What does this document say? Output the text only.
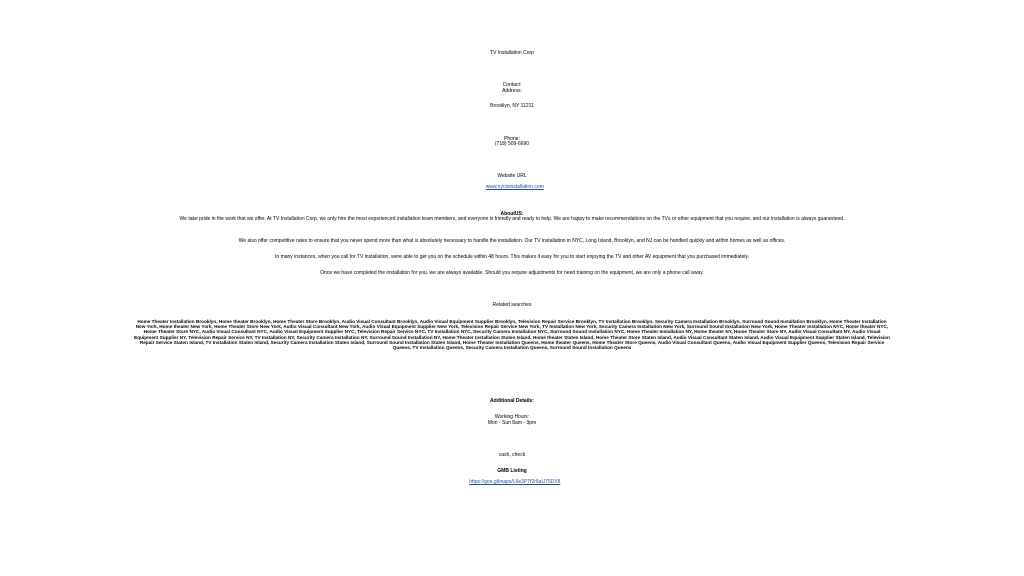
TV Installation Corp
Contact:
Address:
Brooklyn, NY 11211
Phone:
(718) 509-6690
Website URL

www.nyctvinstallation.com

AboutUS:
We take pride in the work that we offer. At TV Installation Corp, we only hire the most experienced installation team members, and everyone is friendly and ready to help. We are happy to make recommendations on the TVs or other equipment that you require, and our installation is always guaranteed.
We also offer competitive rates to ensure that you never spend more than what is absolutely necessary to handle the installation. Our TV installation in NYC, Long Island, Brooklyn, and NJ can be handled quickly and within homes as well as offices.
In many instances, when you call for TV installation, were able to get you on the schedule within 48 hours. This makes it easy for you to start enjoying the TV and other AV equipment that you purchased immediately.
Once we have completed the installation for you, we are always available. Should you require adjustments for need training on the equipment, we are only a phone call away.
Related searches
Home Theater Installation Brooklyn, Home theater Brooklyn, Home Theater Store Brooklyn, Audio Visual Consultant Brooklyn, Audio Visual Equipment Supplier Brooklyn, Television Repair Service Brooklyn, TV Installation Brooklyn, Security Camera Installation Brooklyn, Surround Sound Installation Brooklyn, Home Theater Installation New York, Home theater New York, Home Theater Store New York, Audio Visual Consultant New York, Audio Visual Equipment Supplier New York, Television Repair Service New York, TV Installation New York, Security Camera Installation New York, Surround Sound Installation New York, Home Theater Installation NYC, Home theater NYC, Home Theater Store NYC, Audio Visual Consultant NYC, Audio Visual Equipment Supplier NYC, Television Repair Service NYC, TV Installation NYC, Security Camera Installation NYC, Surround Sound Installation NYC, Home Theater Installation NY, Home theater NY, Home Theater Store NY, Audio Visual Consultant NY, Audio Visual Equipment Supplier NY, Television Repair Service NY, TV Installation NY, Security Camera Installation NY, Surround Sound Installation NY, Home Theater Installation Staten Island, Home theater Staten Island, Home Theater Store Staten Island, Audio Visual Consultant Staten Island, Audio Visual Equipment Supplier Staten Island, Television Repair Service Staten Island, TV Installation Staten Island, Security Camera Installation Staten Island, Surround Sound Installation Staten Island, Home Theater Installation Queens, Home theater Queens, Home Theater Store Queens, Audio Visual Consultant Queens, Audio Visual Equipment Supplier Queens, Television Repair Service Queens, TV Installation Queens, Security Camera Installation Queens, Surround Sound Installation Queens
Additional Details:
Working Hours:
Mon - Sun 8am - 9pm
cash, check
GMB Listing

https://goo.gl/maps/L6e3P7f2r6aU75DX8
